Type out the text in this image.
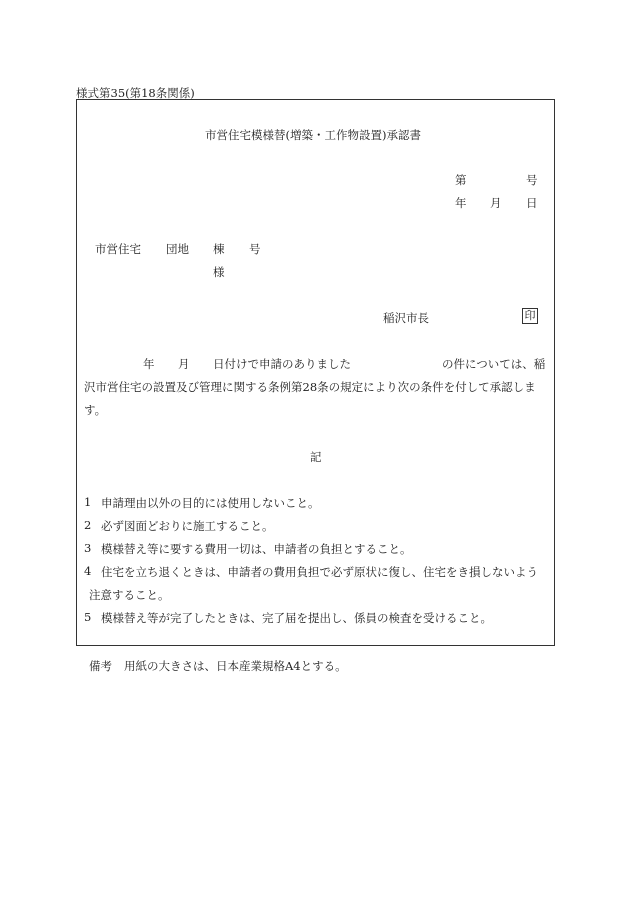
様式第35(第18条関係)
市営住宅模様替(増築・工作物設置)承認書
第	号
年 月 日
市営住宅 団地 棟 号
様
稲沢市長	印
年 月 日付けで申請のありました	の件については、稲
沢市営住宅の設置及び管理に関する条例第28条の規定により次の条件を付して承認しま
す。
記
1 申請理由以外の目的には使用しないこと。
2 必ず図面どおりに施工すること。
3 模様替え等に要する費用一切は、申請者の負担とすること。
4 住宅を立ち退くときは、申請者の費用負担で必ず原状に復し、住宅をき損しないよう
注意すること。
5 模様替え等が完了したときは、完了届を提出し、係員の検査を受けること。
備考 用紙の大きさは、日本産業規格A4とする。
